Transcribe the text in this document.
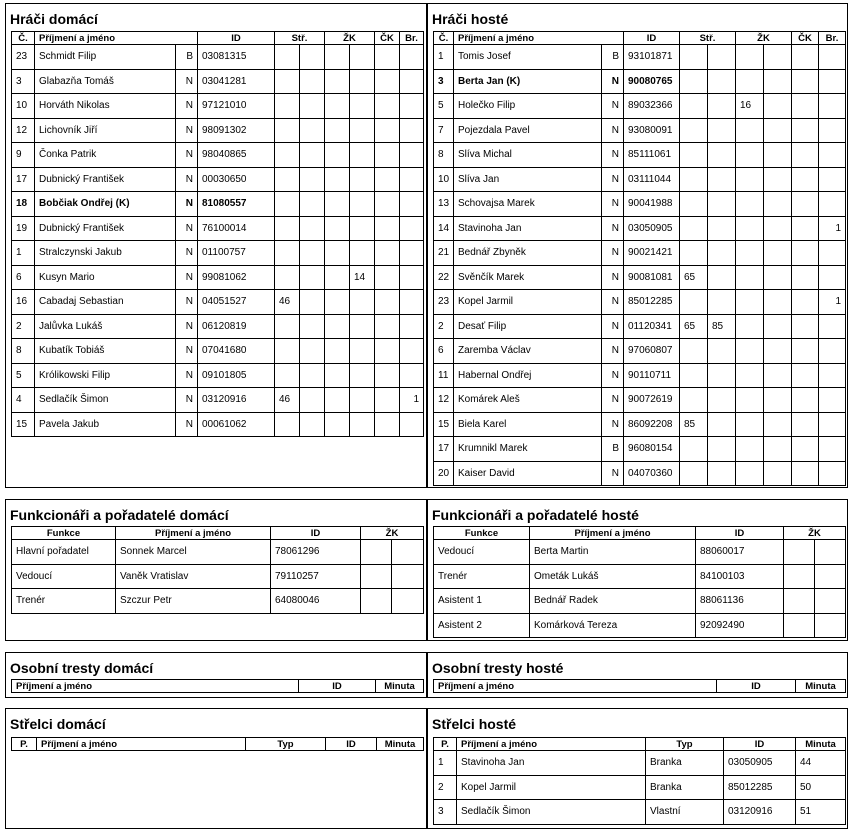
Hráči domácí
Č.	Příjmení a jméno		ID	Stř.		ŽK		ČK	Br.
23	Schmidt Filip	B	03081315						
3	Glabazňa Tomáš	N	03041281						
10	Horváth Nikolas	N	97121010						
12	Lichovník Jiří	N	98091302						
9	Čonka Patrik	N	98040865						
17	Dubnický František	N	00030650						
18	Bobčiak Ondřej (K)	N	81080557						
19	Dubnický František	N	76100014						
1	Stralczynski Jakub	N	01100757						
6	Kusyn Mario	N	99081062				14		
16	Cabadaj Sebastian	N	04051527	46					
2	Jalůvka Lukáš	N	06120819						
8	Kubatík Tobiáš	N	07041680						
5	Królikowski Filip	N	09101805						
4	Sedlačík Šimon	N	03120916	46					1
15	Pavela Jakub	N	00061062						
Hráči hosté
Č.	Příjmení a jméno		ID	Stř.		ŽK		ČK	Br.
1	Tomis Josef	B	93101871						
3	Berta Jan (K)	N	90080765						
5	Holečko Filip	N	89032366			16			
7	Pojezdala Pavel	N	93080091						
8	Slíva Michal	N	85111061						
10	Slíva Jan	N	03111044						
13	Schovajsa Marek	N	90041988						
14	Stavinoha Jan	N	03050905						1
21	Bednář Zbyněk	N	90021421						
22	Svěnčík Marek	N	90081081	65					
23	Kopel Jarmil	N	85012285						1
2	Desať Filip	N	01120341	65	85				
6	Zaremba Václav	N	97060807						
11	Habernal Ondřej	N	90110711						
12	Komárek Aleš	N	90072619						
15	Biela Karel	N	86092208	85					
17	Krumnikl Marek	B	96080154						
20	Kaiser David	N	04070360						
Funkcionáři a pořadatelé domácí
Funkce	Příjmení a jméno	ID	ŽK	
Hlavní pořadatel	Sonnek Marcel	78061296		
Vedoucí	Vaněk Vratislav	79110257		
Trenér	Szczur Petr	64080046		
Funkcionáři a pořadatelé hosté
Funkce	Příjmení a jméno	ID	ŽK	
Vedoucí	Berta Martin	88060017		
Trenér	Ometák Lukáš	84100103		
Asistent 1	Bednář Radek	88061136		
Asistent 2	Komárková Tereza	92092490		
Osobní tresty domácí
Příjmení a jméno	ID	Minuta
Osobní tresty hosté
Příjmení a jméno	ID	Minuta
Střelci domácí
P.	Příjmení a jméno	Typ	ID	Minuta
Střelci hosté
P.	Příjmení a jméno	Typ	ID	Minuta
1	Stavinoha Jan	Branka	03050905	44
2	Kopel Jarmil	Branka	85012285	50
3	Sedlačík Šimon	Vlastní	03120916	51
